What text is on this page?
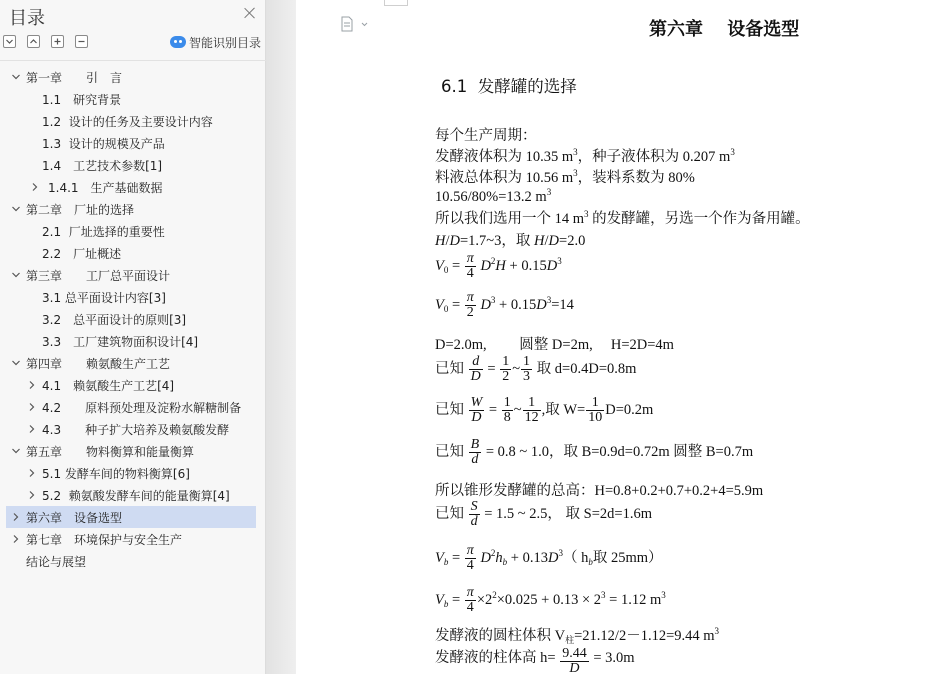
目录
智能识别目录
第一章　　引　言
1.1　研究背景
1.2  设计的任务及主要设计内容
1.3  设计的规模及产品
1.4　工艺技术参数[1]
1.4.1　生产基础数据
第二章　厂址的选择
2.1  厂址选择的重要性
2.2　厂址概述
第三章　　工厂总平面设计
3.1 总平面设计内容[3]
3.2　总平面设计的原则[3]
3.3　工厂建筑物面积设计[4]
第四章　　赖氨酸生产工艺
4.1　赖氨酸生产工艺[4]
4.2　　原料预处理及淀粉水解糖制备
4.3　　种子扩大培养及赖氨酸发酵
第五章　　物料衡算和能量衡算
5.1 发酵车间的物料衡算[6]
5.2  赖氨酸发酵车间的能量衡算[4]
第六章　设备选型
第七章　环境保护与安全生产
结论与展望
第六章　 设备选型
6.1  发酵罐的选择
每个生产周期：
发酵液体积为 10.35 $m^3$，种子液体积为 0.207 $m^3$
料液总体积为 10.56 $m^3$，装料系数为 80%
10.56/80%=13.2 $m^3$
所以我们选用一个 14 $m^3$ 的发酵罐，另选一个作为备用罐。
H/D=1.7~3，取 H/D=2.0
$V_0 = \frac{\pi}{4} D^2H + 0.15D^3$
$V_0 = \frac{\pi}{2} D^3 + 0.15D^3=14$
D=2.0m,　　 圆整 D=2m,　 H=2D=4m
已知 $\frac{d}{D} = \frac{1}{2}$ ~ $\frac{1}{3}$ 取 d=0.4D=0.8m
已知 $\frac{W}{D} = \frac{1}{8}$ ~ $\frac{1}{12}$ ,取 $W= \frac{1}{10} D=0.2m$
已知 $\frac{B}{d} = 0.8$ ~ 1.0，取 B=0.9d=0.72m 圆整 B=0.7m
所以锥形发酵罐的总高：H=0.8+0.2+0.7+0.2+4=5.9m
已知 $\frac{S}{d} = 1.5$ ~ 2.5， 取 S=2d=1.6m
$V_b = \frac{\pi}{4} D^2h_b + 0.13D^3$（ $h_b$取 25mm）
$V_b = \frac{\pi}{4} \times 2^2\times 0.025 + 0.13 \times 2^3 = 1.12$ $m^3$
发酵液的圆柱体积 $V_柱=21.12/2-1.12=9.44$ $m^3$
发酵液的柱体高 $h= \frac{9.44}{D} = 3.0m$
